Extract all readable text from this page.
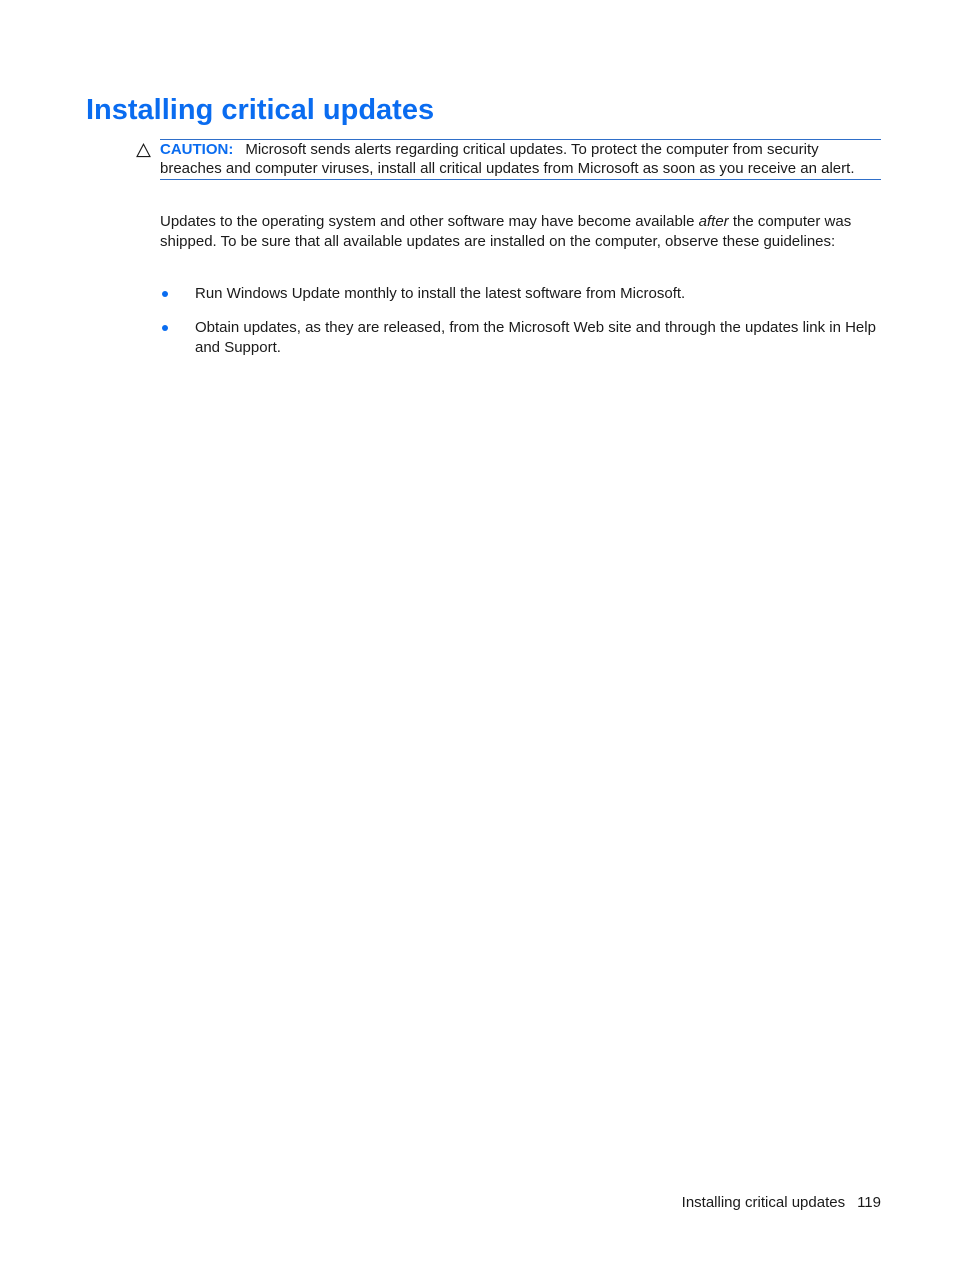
Installing critical updates

CAUTION: Microsoft sends alerts regarding critical updates. To protect the computer from security breaches and computer viruses, install all critical updates from Microsoft as soon as you receive an alert.

Updates to the operating system and other software may have become available after the computer was shipped. To be sure that all available updates are installed on the computer, observe these guidelines:

Run Windows Update monthly to install the latest software from Microsoft.
Obtain updates, as they are released, from the Microsoft Web site and through the updates link in Help and Support.
Installing critical updates 119
